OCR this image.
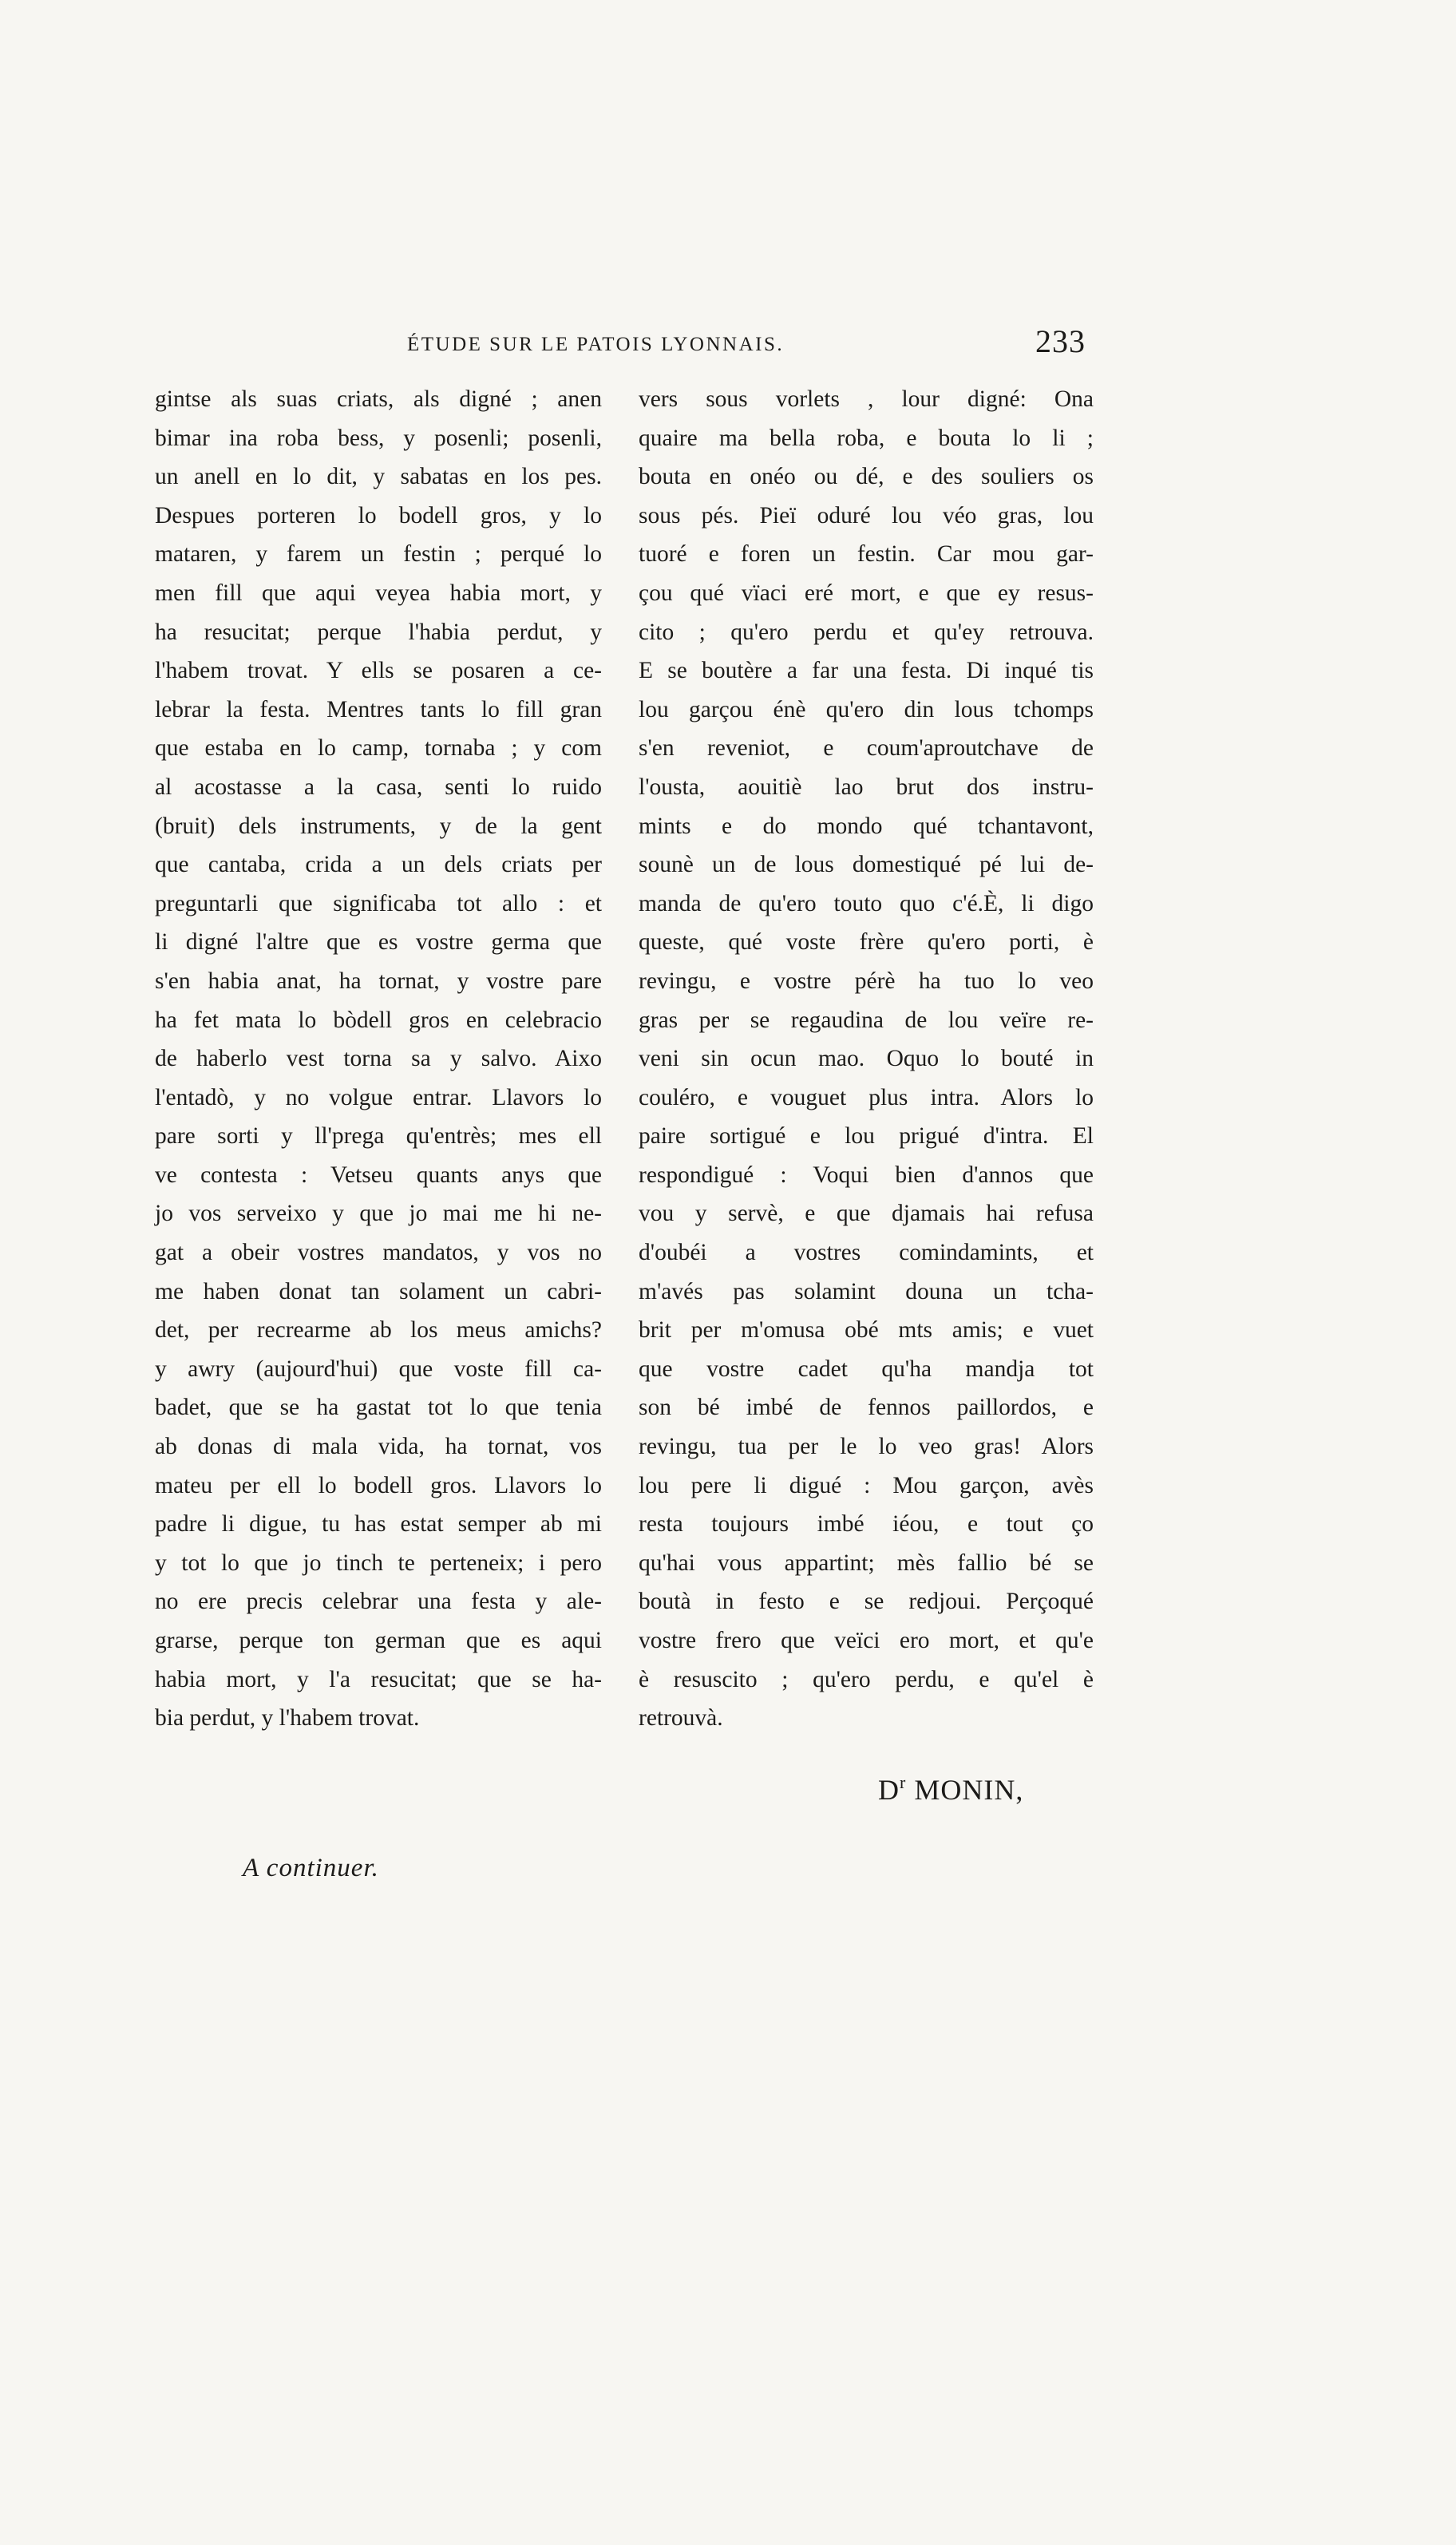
ÉTUDE SUR LE PATOIS LYONNAIS.	233
gintse als suas criats, als digné ; anen
bimar ina roba bess, y posenli; posenli,
un anell en lo dit, y sabatas en los pes.
Despues porteren lo bodell gros, y lo
mataren, y farem un festin ; perqué lo
men fill que aqui veyea habia mort, y
ha resucitat; perque l'habia perdut, y
l'habem trovat. Y ells se posaren a ce-
lebrar la festa. Mentres tants lo fill gran
que estaba en lo camp, tornaba ; y com
al acostasse a la casa, senti lo ruido
(bruit) dels instruments, y de la gent
que cantaba, crida a un dels criats per
preguntarli que significaba tot allo : et
li digné l'altre que es vostre germa que
s'en habia anat, ha tornat, y vostre pare
ha fet mata lo bòdell gros en celebracio
de haberlo vest torna sa y salvo. Aixo
l'entadò, y no volgue entrar. Llavors lo
pare sorti y ll'prega qu'entrès; mes ell
ve contesta : Vetseu quants anys que
jo vos serveixo y que jo mai me hi ne-
gat a obeir vostres mandatos, y vos no
me haben donat tan solament un cabri-
det, per recrearme ab los meus amichs?
y awry (aujourd'hui) que voste fill ca-
badet, que se ha gastat tot lo que tenia
ab donas di mala vida, ha tornat, vos
mateu per ell lo bodell gros. Llavors lo
padre li digue, tu has estat semper ab mi
y tot lo que jo tinch te perteneix; i pero
no ere precis celebrar una festa y ale-
grarse, perque ton german que es aqui
habia mort, y l'a resucitat; que se ha-
bia perdut, y l'habem trovat.
vers sous vorlets , lour digné: Ona
quaire ma bella roba, e bouta lo li ;
bouta en onéo ou dé, e des souliers os
sous pés. Pieï oduré lou véo gras, lou
tuoré e foren un festin. Car mou gar-
çou qué vïaci eré mort, e que ey resus-
cito ; qu'ero perdu et qu'ey retrouva.
E se boutère a far una festa. Di inqué tis
lou garçou énè qu'ero din lous tchomps
s'en reveniot, e coum'aproutchave de
l'ousta, aouitiè lao brut dos instru-
mints e do mondo qué tchantavont,
sounè un de lous domestiqué pé lui de-
manda de qu'ero touto quo c'é.È, li digo
queste, qué voste frère qu'ero porti, è
revingu, e vostre pérè ha tuo lo veo
gras per se regaudina de lou veïre re-
veni sin ocun mao. Oquo lo bouté in
couléro, e vouguet plus intra. Alors lo
paire sortigué e lou prigué d'intra. El
respondigué : Voqui bien d'annos que
vou y servè, e que djamais hai refusa
d'oubéi a vostres comindamints, et
m'avés pas solamint douna un tcha-
brit per m'omusa obé mts amis; e vuet
que vostre cadet qu'ha mandja tot
son bé imbé de fennos paillordos, e
revingu, tua per le lo veo gras! Alors
lou pere li digué : Mou garçon, avès
resta toujours imbé iéou, e tout ço
qu'hai vous appartint; mès fallio bé se
boutà in festo e se redjoui. Perçoqué
vostre frero que veïci ero mort, et qu'e
è resuscito ; qu'ero perdu, e qu'el è
retrouvà.
$D^r$ MONIN,
A continuer.
